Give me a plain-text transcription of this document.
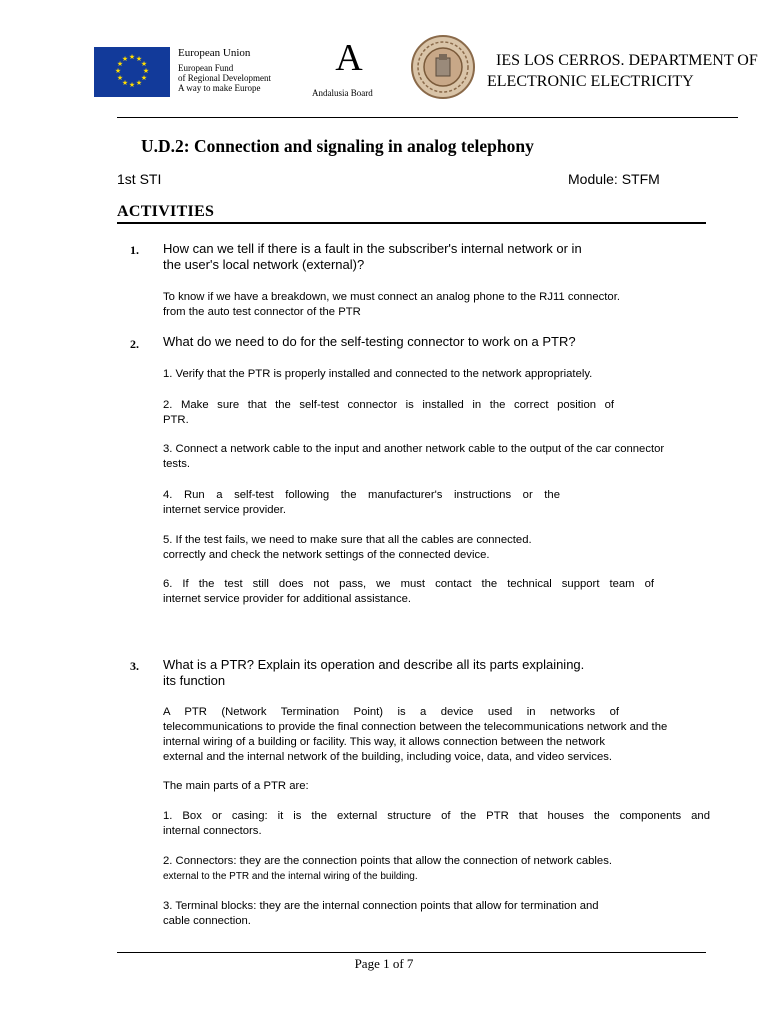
★ ★
★
★
★
★
★
★
★
★
★
★	European Union
European Fund
of Regional Development
A way to make Europe
A
Andalusia Board
IES LOS CERROS. DEPARTMENT OF
ELECTRONIC ELECTRICITY
U.D.2: Connection and signaling in analog telephony
1st STI	Module: STFM
ACTIVITIES
1. How can we tell if there is a fault in the subscriber's internal network or in
the user's local network (external)?
To know if we have a breakdown, we must connect an analog phone to the RJ11 connector.
from the auto test connector of the PTR
2. What do we need to do for the self-testing connector to work on a PTR?
1. Verify that the PTR is properly installed and connected to the network appropriately.
2. Make sure that the self-test connector is installed in the correct position of
PTR.
3. Connect a network cable to the input and another network cable to the output of the car connector
tests.
4. Run a self-test following the manufacturer's instructions or the
internet service provider.
5. If the test fails, we need to make sure that all the cables are connected.
correctly and check the network settings of the connected device.
6. If the test still does not pass, we must contact the technical support team of
internet service provider for additional assistance.
3. What is a PTR? Explain its operation and describe all its parts explaining.
its function
A PTR (Network Termination Point) is a device used in networks of
telecommunications to provide the final connection between the telecommunications network and the
internal wiring of a building or facility. This way, it allows connection between the network
external and the internal network of the building, including voice, data, and video services.
The main parts of a PTR are:
1. Box or casing: it is the external structure of the PTR that houses the components and
internal connectors.
2. Connectors: they are the connection points that allow the connection of network cables.
external to the PTR and the internal wiring of the building.
3. Terminal blocks: they are the internal connection points that allow for termination and
cable connection.
Page 1 of 7
